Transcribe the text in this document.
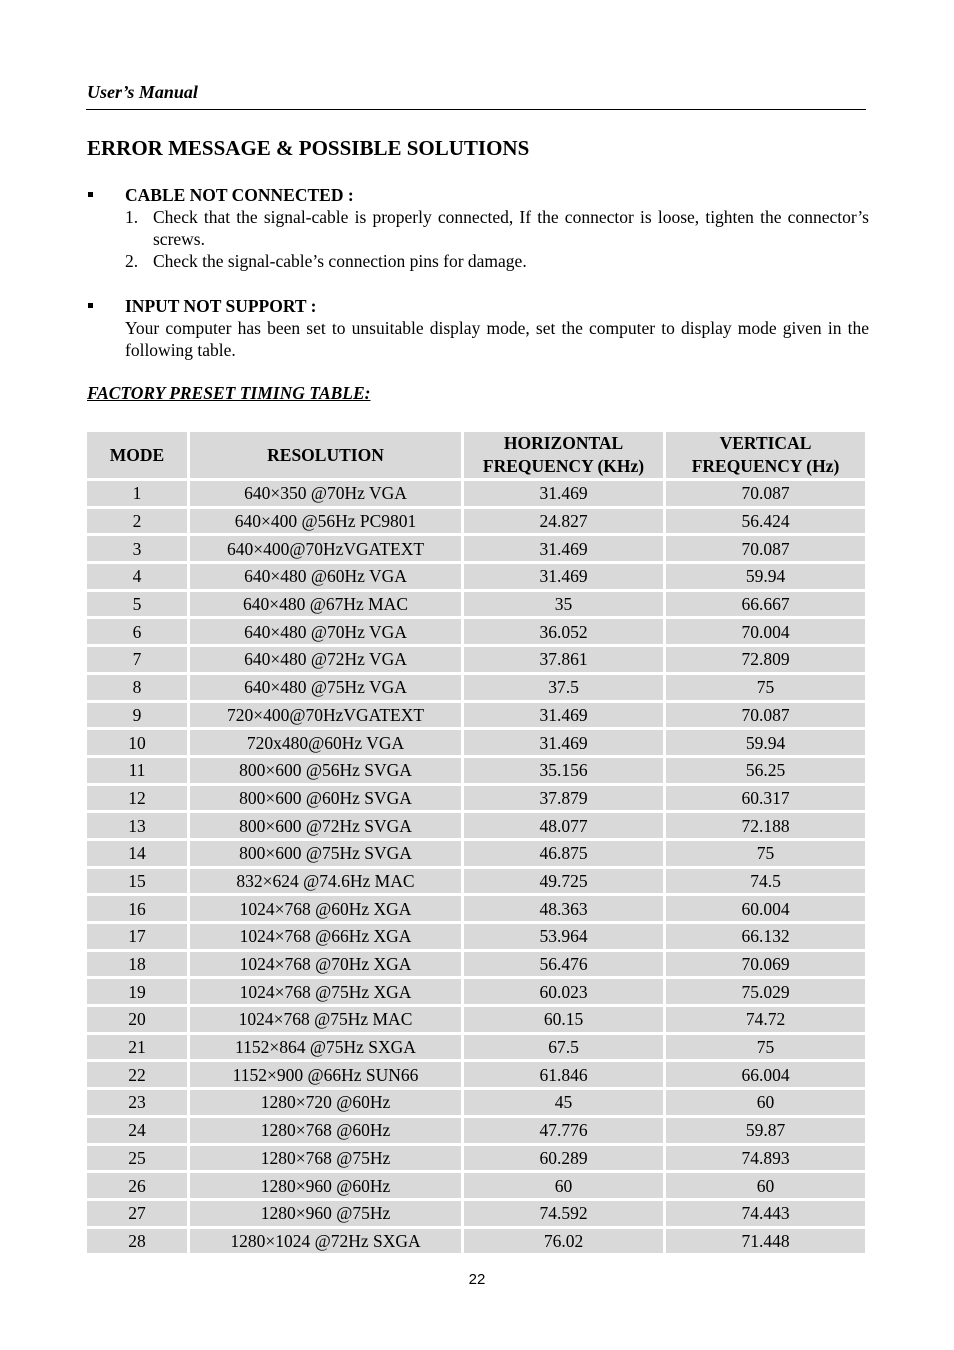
User’s Manual
ERROR MESSAGE & POSSIBLE SOLUTIONS
CABLE NOT CONNECTED :
1. Check that the signal-cable is properly connected, If the connector is loose, tighten the connector’s screws.
2. Check the signal-cable’s connection pins for damage.
INPUT NOT SUPPORT :
Your computer has been set to unsuitable display mode, set the computer to display mode given in the following table.
FACTORY PRESET TIMING TABLE:
MODE	RESOLUTION	HORIZONTAL FREQUENCY (KHz)	VERTICAL FREQUENCY (Hz)
1	640×350 @70Hz VGA	31.469	70.087
2	640×400 @56Hz PC9801	24.827	56.424
3	640×400@70HzVGATEXT	31.469	70.087
4	640×480 @60Hz VGA	31.469	59.94
5	640×480 @67Hz MAC	35	66.667
6	640×480 @70Hz VGA	36.052	70.004
7	640×480 @72Hz VGA	37.861	72.809
8	640×480 @75Hz VGA	37.5	75
9	720×400@70HzVGATEXT	31.469	70.087
10	720x480@60Hz VGA	31.469	59.94
11	800×600 @56Hz SVGA	35.156	56.25
12	800×600 @60Hz SVGA	37.879	60.317
13	800×600 @72Hz SVGA	48.077	72.188
14	800×600 @75Hz SVGA	46.875	75
15	832×624 @74.6Hz MAC	49.725	74.5
16	1024×768 @60Hz XGA	48.363	60.004
17	1024×768 @66Hz XGA	53.964	66.132
18	1024×768 @70Hz XGA	56.476	70.069
19	1024×768 @75Hz XGA	60.023	75.029
20	1024×768 @75Hz MAC	60.15	74.72
21	1152×864 @75Hz SXGA	67.5	75
22	1152×900 @66Hz SUN66	61.846	66.004
23	1280×720 @60Hz	45	60
24	1280×768 @60Hz	47.776	59.87
25	1280×768 @75Hz	60.289	74.893
26	1280×960 @60Hz	60	60
27	1280×960 @75Hz	74.592	74.443
28	1280×1024 @72Hz SXGA	76.02	71.448
22
